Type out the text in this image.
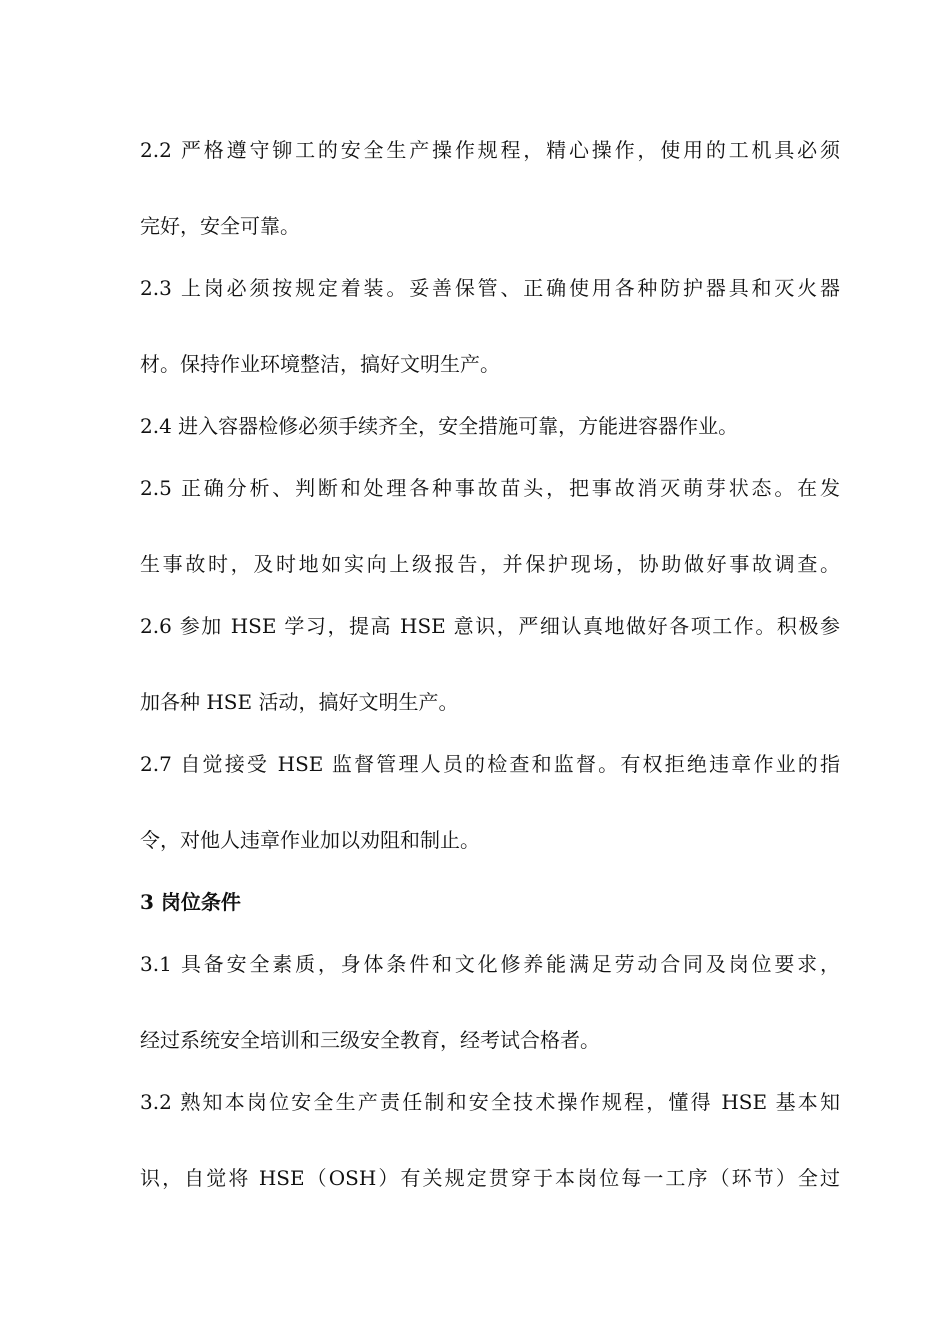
2.2 严格遵守铆工的安全生产操作规程，精心操作，使用的工机具必须
完好，安全可靠。
2.3 上岗必须按规定着装。妥善保管、正确使用各种防护器具和灭火器
材。保持作业环境整洁，搞好文明生产。
2.4 进入容器检修必须手续齐全，安全措施可靠，方能进容器作业。
2.5 正确分析、判断和处理各种事故苗头，把事故消灭萌芽状态。在发
生事故时，及时地如实向上级报告，并保护现场，协助做好事故调查。
2.6 参加 HSE 学习，提高 HSE 意识，严细认真地做好各项工作。积极参
加各种 HSE 活动，搞好文明生产。
2.7 自觉接受 HSE 监督管理人员的检查和监督。有权拒绝违章作业的指
令，对他人违章作业加以劝阻和制止。
3 岗位条件
3.1 具备安全素质，身体条件和文化修养能满足劳动合同及岗位要求，
经过系统安全培训和三级安全教育，经考试合格者。
3.2 熟知本岗位安全生产责任制和安全技术操作规程，懂得 HSE 基本知
识，自觉将 HSE（OSH）有关规定贯穿于本岗位每一工序（环节）全过
